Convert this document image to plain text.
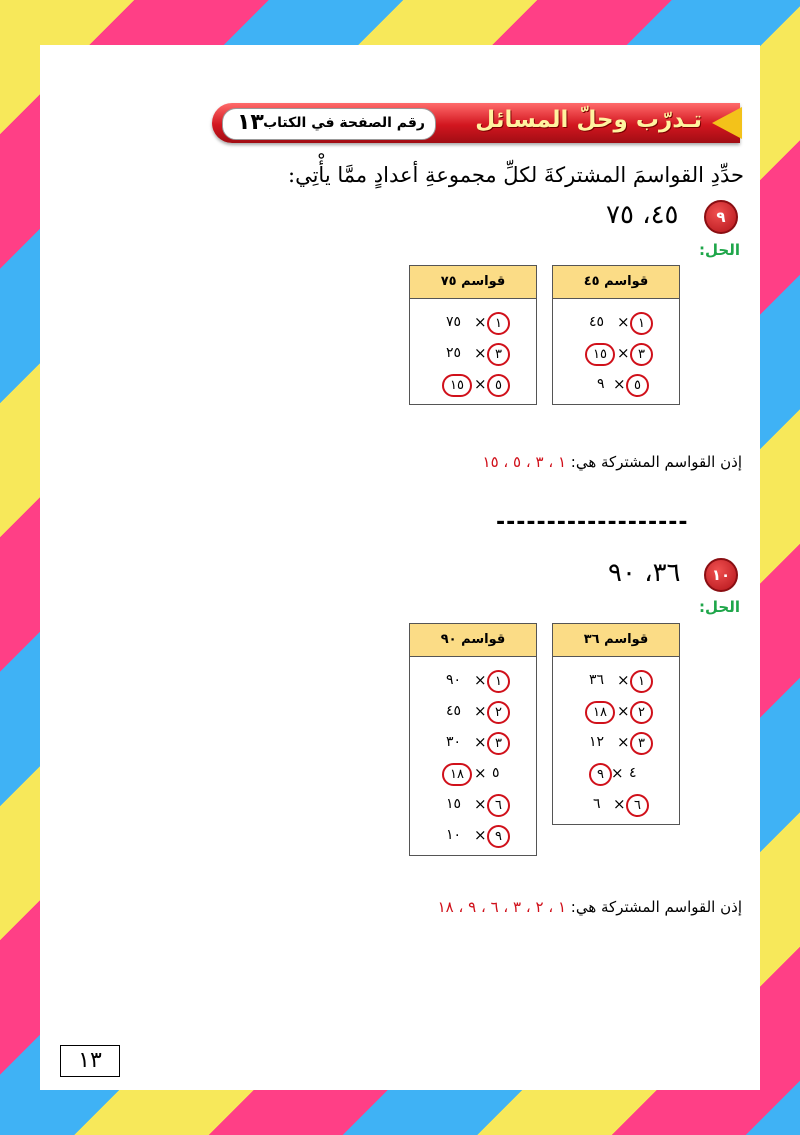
تـدرّب وحلّ المسائل
رقم الصفحة في الكتاب
١٣
حدِّدِ القواسمَ المشتركةَ لكلِّ مجموعةِ أعدادٍ ممَّا يأْتِي:
٩
٤٥، ٧٥
الحل:
قواسم ٤٥
٤٥ × ١
١٥ × ٣
٩ × ٥
قواسم ٧٥
٧٥ × ١
٢٥ × ٣
١٥ × ٥
إذن القواسم المشتركة هي: ١ ، ٣ ، ٥ ، ١٥
-------------------
١٠
٣٦، ٩٠
الحل:
قواسم ٣٦
٣٦ × ١
١٨ × ٢
١٢ × ٣
٤
×
٩
٦ × ٦
قواسم ٩٠
٩٠ × ١
٤٥ × ٢
٣٠ × ٣
٥
×
١٨
١٥ × ٦
١٠ × ٩
إذن القواسم المشتركة هي: ١ ، ٢ ، ٣ ، ٦ ، ٩ ، ١٨
١٣
